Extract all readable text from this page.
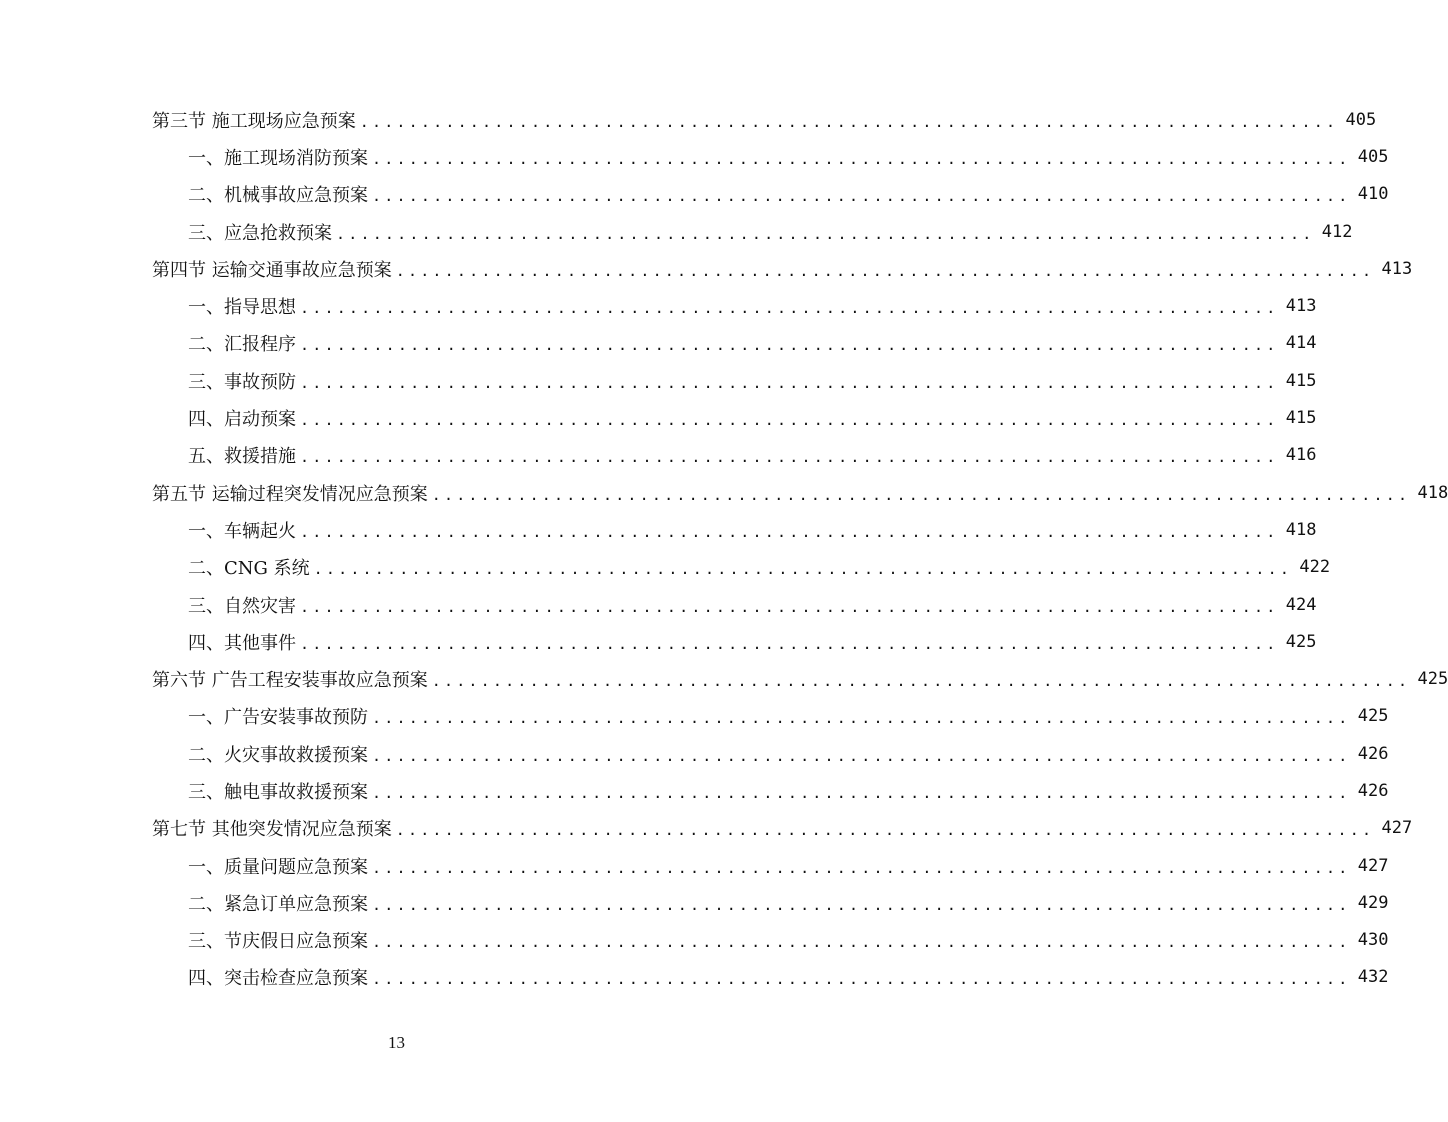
第三节 施工现场应急预案 ................................................................................ 405
一、施工现场消防预案 ................................................................................ 405
二、机械事故应急预案 ................................................................................ 410
三、应急抢救预案 ................................................................................ 412
第四节 运输交通事故应急预案 ................................................................................ 413
一、指导思想 ................................................................................ 413
二、汇报程序 ................................................................................ 414
三、事故预防 ................................................................................ 415
四、启动预案 ................................................................................ 415
五、救援措施 ................................................................................ 416
第五节 运输过程突发情况应急预案 ................................................................................ 418
一、车辆起火 ................................................................................ 418
二、CNG 系统 ................................................................................ 422
三、自然灾害 ................................................................................ 424
四、其他事件 ................................................................................ 425
第六节 广告工程安装事故应急预案 ................................................................................ 425
一、广告安装事故预防 ................................................................................ 425
二、火灾事故救援预案 ................................................................................ 426
三、触电事故救援预案 ................................................................................ 426
第七节 其他突发情况应急预案 ................................................................................ 427
一、质量问题应急预案 ................................................................................ 427
二、紧急订单应急预案 ................................................................................ 429
三、节庆假日应急预案 ................................................................................ 430
四、突击检查应急预案 ................................................................................ 432
13
